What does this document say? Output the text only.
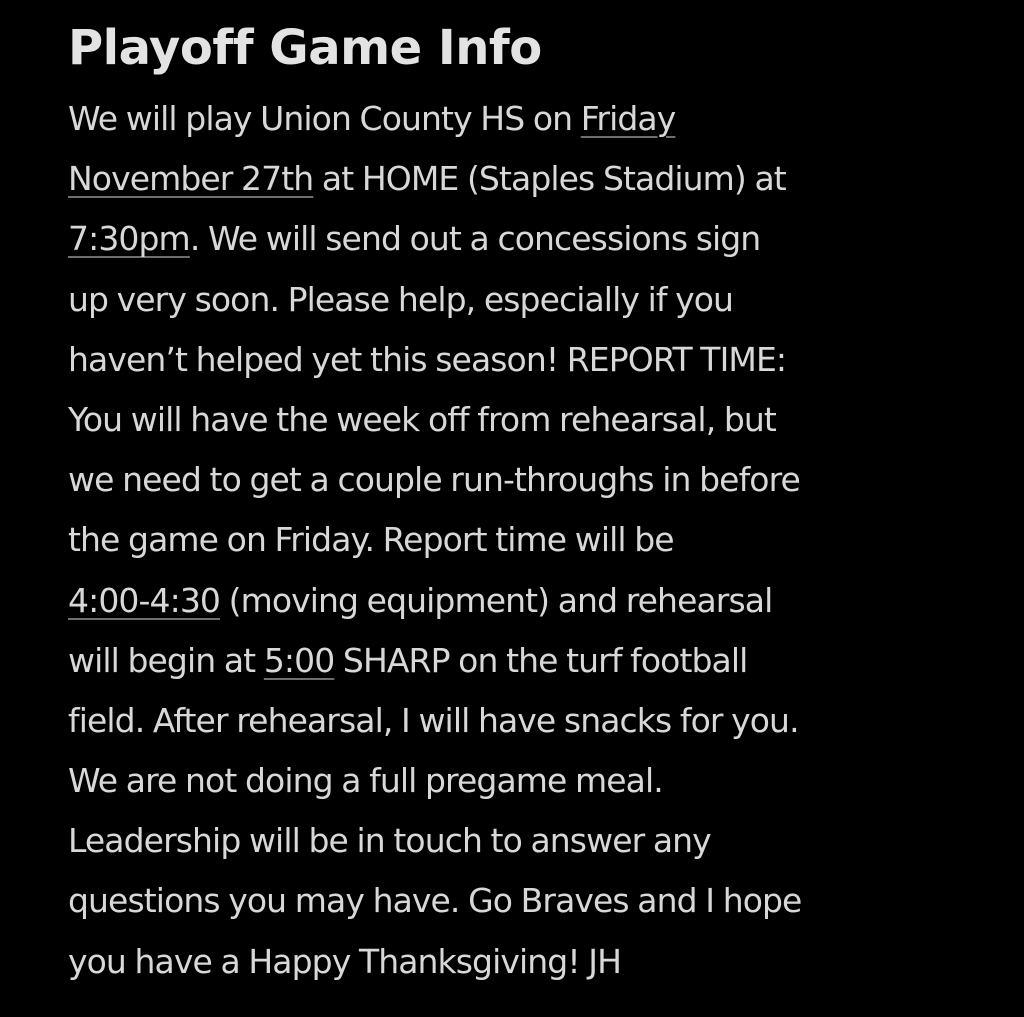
Playoff Game Info
We will play Union County HS on Friday
November 27th at HOME (Staples Stadium) at
7:30pm. We will send out a concessions sign
up very soon. Please help, especially if you
haven’t helped yet this season! REPORT TIME:
You will have the week off from rehearsal, but
we need to get a couple run-throughs in before
the game on Friday. Report time will be
4:00-4:30 (moving equipment) and rehearsal
will begin at 5:00 SHARP on the turf football
field. After rehearsal, I will have snacks for you.
We are not doing a full pregame meal.
Leadership will be in touch to answer any
questions you may have. Go Braves and I hope
you have a Happy Thanksgiving! JH
